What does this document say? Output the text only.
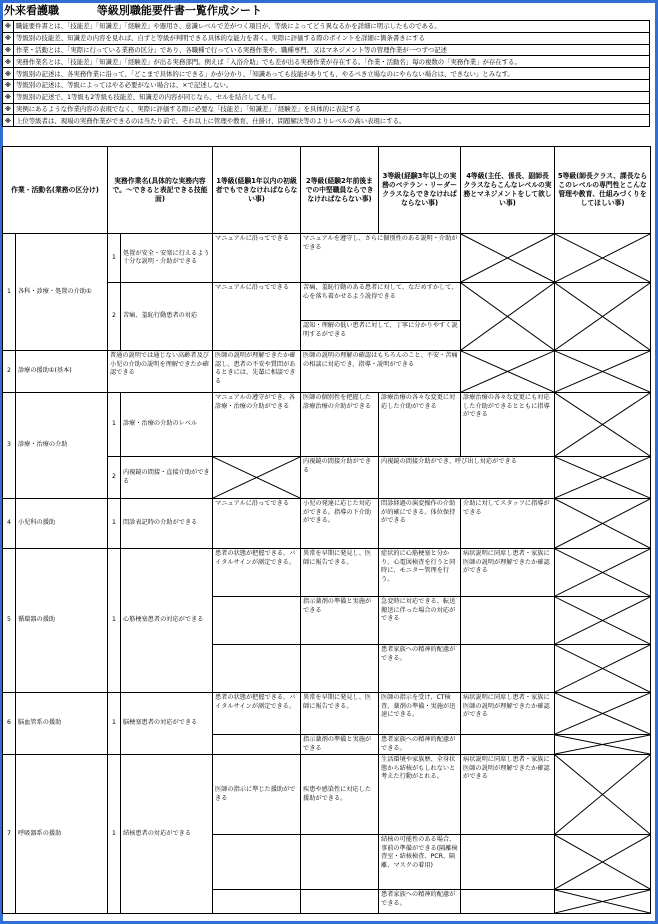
外来看護職	等級別職能要件書一覧作成シート
※	職能要件書とは、「技能差」「知識差」「経験差」や器用さ、意識レベルで差がつく項目が、等級によってどう異なるかを詳細に明示したものである。
※	等級別の技能差、知識差の内容を見れば、自ずと等級が判明できる具体的な能力を書く。実際に評価する際のポイントを詳細に箇条書きにする
※	作業・活動とは、「実際に行っている業務の区分」であり、各職種で行っている実務作業や、職種専門、又はマネジメント等の管理作業が一つずつ記述
※	実務作業名とは、「技能差」「知識差」「経験差」が出る実務部門。例えば「入浴介助」でも差が出る実務作業が存在する。「作業・活動名」毎の複数の「実務作業」が存在する。
※	等級別の記述は、各実務作業に沿って、「どこまで具体的にできる」かが分かり、「知識あっても技能がありても、やるべき立場なのにやらない場合は、できない」とみなす。
※	等級別の記述は、等級によってはやる必要がない場合は、×で記述しない。
※	等級別の記述で、1等級も2等級も技能差、知識差の内容が同じなら、セルを結合しても可。
※	実例にあるような作業内容の表現でなく、実際に評価する際に必要な「技能差」「知識差」「経験差」を具体的に表記する
※	上位等級者は、現場の実務作業ができるのは当たり前で、それ以上に管理や教育、仕掛け、問題解決等のよりレベルの高い表現にする。
作業・活動名(業務の区分け)		実務作業名(具体的な実務内容で。〜できると表記できる技能面)		1等級(経験1年以内の初級者でもできなければならない事)	2等級(経験2年前後までの中堅職員ならできなければならない事)	3等級(経験3年以上の実務のベテラン・リーダークラスならできなければならない事)	4等級(主任、係長、副師長クラスならこんなレベルの実務とマネジメントをして欲しい事)	5等級(師長クラス、課長ならこのレベルの専門性とこんな管理や教育、仕組みづくりをしてほしい事)
1	各科・診療・処置の介助①	1	処置が安全・安楽に行えるよう十分な説明・介助ができる	マニュアルに沿ってできる	マニュアルを遵守し、さらに個別性のある説明・介助ができる	

		2	苦痛、羞恥行動患者の対応	マニュアルに沿ってできる	苦痛、羞恥行動のある患者に対して、なだめすかして、心を落ち着かせるよう説得できる	

					認知・理解の低い患者に対して、丁寧に分かりやすく説明するができる			
2	診療の援助①(基本)	普通の説明では通じない高齢者及び小児の介助の説明を理解できたか確認できる		医師の説明が理解できたか確認し、患者の不安や質問があるときには、先輩に相談できる	医師の説明の理解の確認はもちろんのこと、不安・苦痛の相談に対応でき、指導・説明ができる	

3	診療・治療の介助	1	診療・治療の介助のレベル	マニュアルの遵守ができ、各診療・治療の介助ができる	医師の個別性を把握した診療治療の介助ができる	診療治療の各々な変更に対応した介助ができる	診療治療の各々な変更にも対応した介助ができるとともに指導ができる	

		2	内視鏡の間接・直接介助ができる		内視鏡の間接介助ができる	内視鏡の間接介助ができ、呼び出し対応ができる	

4	小児科の援助	1	問診表記時の介助ができる	マニュアルに沿ってできる	小児の発達に応じた対応ができる。指導の下介助ができる。	問診経過の演変操作の介助が的確にできる。体位保持ができる	介助に対してスタッフに指導ができる	

5	循環器の援助	1	心筋梗塞患者の対応ができる	患者の状態が把握できる。バイタルサインが測定できる。	異常を早期に発見し、医師に報告できる。	症状的に心筋梗塞と分かり、心電図検査を行うと同時に、モニター管理を行う。	病状説明に同席し患者・家族に医師の説明が理解できたか確認ができる	

					指示薬剤の準備と実施ができる	急変時に対応できる。転送搬送に伴った場合の対応ができる		

						患者家族への精神的配慮ができる。		

6	脳血管系の援助	1	脳梗塞患者の対応ができる	患者の状態が把握できる。バイタルサインが測定できる。	異常を早期に発見し、医師に報告できる。	医師の指示を受け、CT検査、薬剤の準備・実施が迅速にできる。	病状説明に同席し患者・家族に医師の説明が理解できたか確認ができる	

					指示薬剤の準備と実施ができる	患者家族への精神的配慮ができる。		

7	呼吸器系の援助	1	結核患者の対応ができる	医師の指示に準じた援助ができる	疾患や感染性に対応した援助ができる。	生活環境や家族歴、全身状態から結核がもしれないと考えた行動がとれる。	病状説明に同席し患者・家族に医師の説明が理解できたか確認ができる	

						結核の可能性のある場合、事前の準備ができる(隔離検査室・結核検査、PCR、隔離、マスクの着用)		

						患者家族への精神的配慮ができる。		
